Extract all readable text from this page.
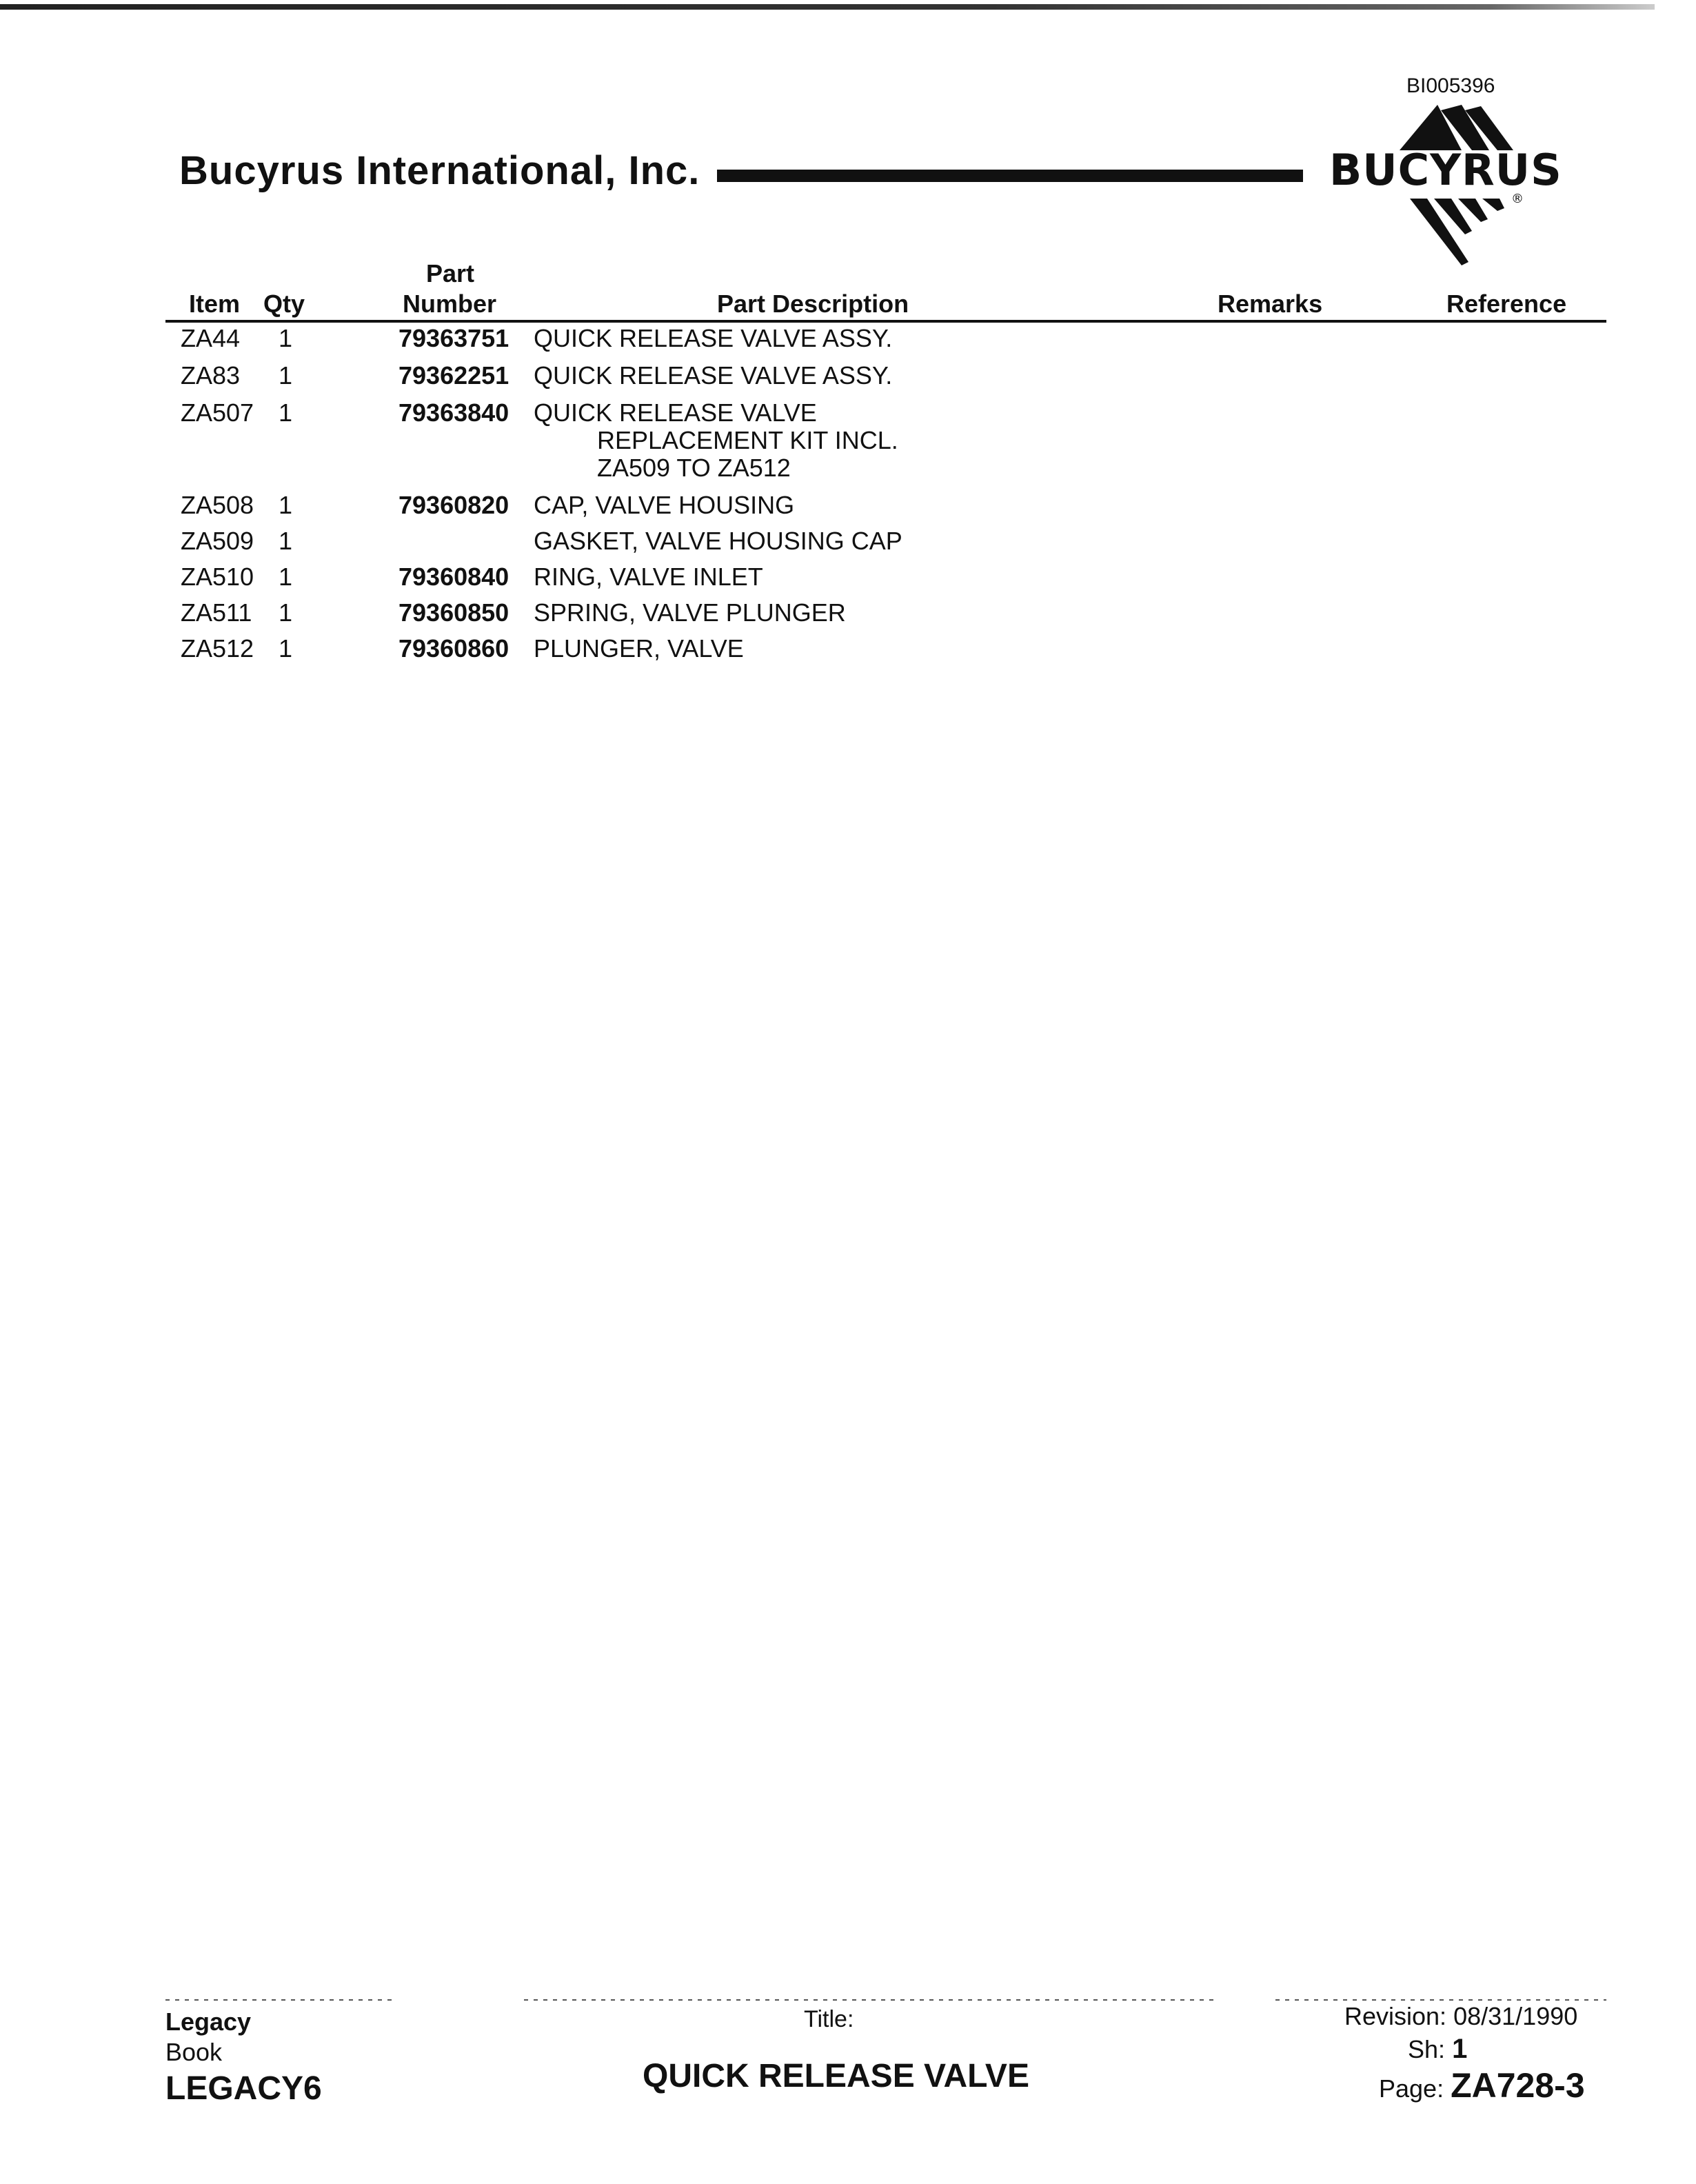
BI005396
Bucyrus International, Inc.
®
BUCYRUS
Item Qty
Part
Number	Part Description	Remarks	Reference
ZA44 1	79363751 QUICK RELEASE VALVE ASSY.
ZA83 1	79362251 QUICK RELEASE VALVE ASSY.
ZA507 1	79363840 QUICK RELEASE VALVE
REPLACEMENT KIT INCL.
ZA509 TO ZA512
ZA508 1	79360820 CAP, VALVE HOUSING
ZA509 1	GASKET, VALVE HOUSING CAP
ZA510 1	79360840 RING, VALVE INLET
ZA511 1	79360850 SPRING, VALVE PLUNGER
ZA512 1	79360860 PLUNGER, VALVE
Legacy
Book
LEGACY6
Title:
QUICK RELEASE VALVE
Revision: 08/31/1990
Sh: 1
Page: ZA728-3
